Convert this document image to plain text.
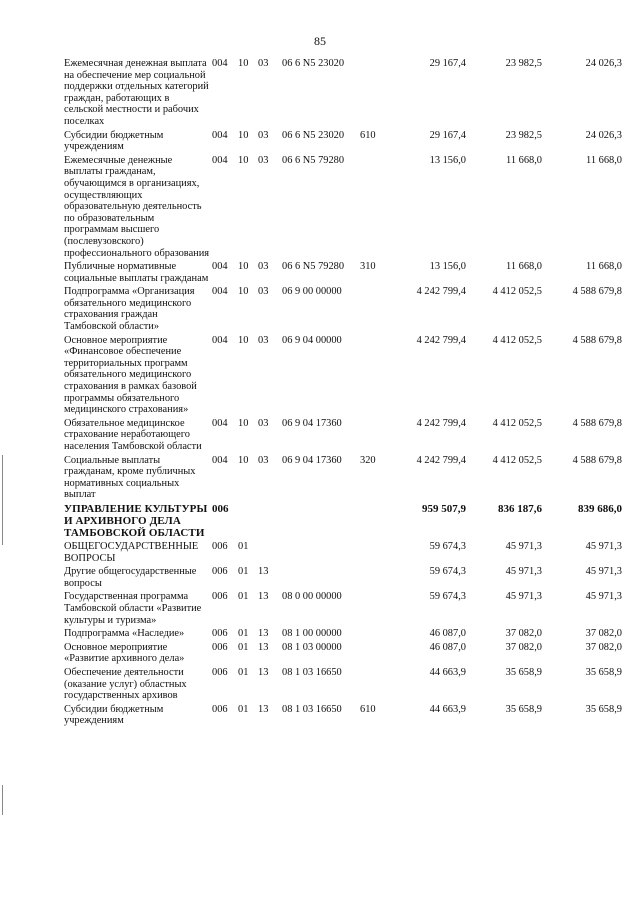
85
Ежемесячная денежная выплата на обеспечение мер социальной поддержки отдельных категорий граждан, работающих в сельской местности и рабочих поселках	004	10	03	06 6 N5 23020		29 167,4	23 982,5	24 026,3
Субсидии бюджетным учреждениям	004	10	03	06 6 N5 23020	610	29 167,4	23 982,5	24 026,3
Ежемесячные денежные выплаты гражданам, обучающимся в организациях, осуществляющих образовательную деятельность по образовательным программам высшего (послевузовского) профессионального образования	004	10	03	06 6 N5 79280		13 156,0	11 668,0	11 668,0
Публичные нормативные социальные выплаты гражданам	004	10	03	06 6 N5 79280	310	13 156,0	11 668,0	11 668,0
Подпрограмма «Организация обязательного медицинского страхования граждан Тамбовской области»	004	10	03	06 9 00 00000		4 242 799,4	4 412 052,5	4 588 679,8
Основное мероприятие «Финансовое обеспечение территориальных программ обязательного медицинского страхования в рамках базовой программы обязательного медицинского страхования»	004	10	03	06 9 04 00000		4 242 799,4	4 412 052,5	4 588 679,8
Обязательное медицинское страхование неработающего населения Тамбовской области	004	10	03	06 9 04 17360		4 242 799,4	4 412 052,5	4 588 679,8
Социальные выплаты гражданам, кроме публичных нормативных социальных выплат	004	10	03	06 9 04 17360	320	4 242 799,4	4 412 052,5	4 588 679,8
УПРАВЛЕНИЕ КУЛЬТУРЫ И АРХИВНОГО ДЕЛА ТАМБОВСКОЙ ОБЛАСТИ	006					959 507,9	836 187,6	839 686,0
ОБЩЕГОСУДАРСТВЕННЫЕ ВОПРОСЫ	006	01				59 674,3	45 971,3	45 971,3
Другие общегосударственные вопросы	006	01	13			59 674,3	45 971,3	45 971,3
Государственная программа Тамбовской области «Развитие культуры и туризма»	006	01	13	08 0 00 00000		59 674,3	45 971,3	45 971,3
Подпрограмма «Наследие»	006	01	13	08 1 00 00000		46 087,0	37 082,0	37 082,0
Основное мероприятие «Развитие архивного дела»	006	01	13	08 1 03 00000		46 087,0	37 082,0	37 082,0
Обеспечение деятельности (оказание услуг) областных государственных архивов	006	01	13	08 1 03 16650		44 663,9	35 658,9	35 658,9
Субсидии бюджетным учреждениям	006	01	13	08 1 03 16650	610	44 663,9	35 658,9	35 658,9
